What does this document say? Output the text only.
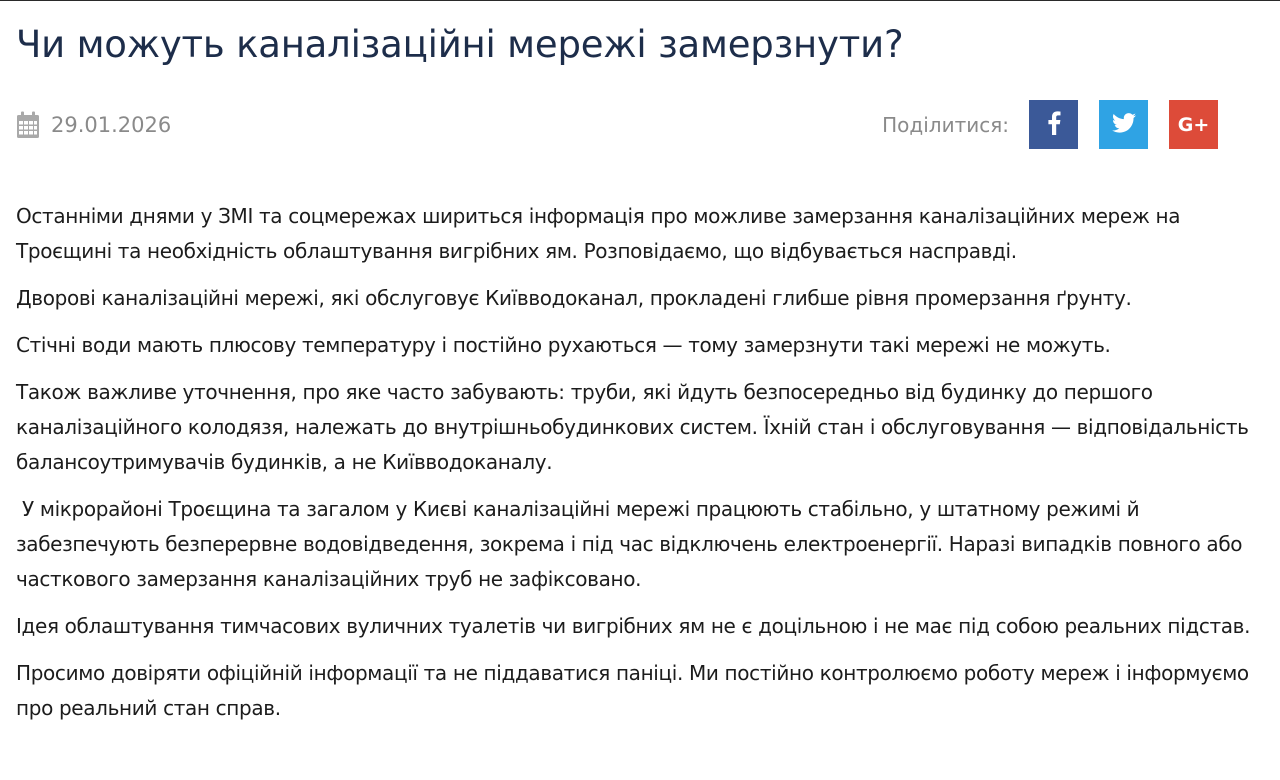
Чи можуть каналізаційні мережі замерзнути?
29.01.2026	Поділитися:	G+

Останніми днями у ЗМІ та соцмережах шириться інформація про можливе замерзання каналізаційних мереж на Троєщині та необхідність облаштування вигрібних ям. Розповідаємо, що відбувається насправді.

Дворові каналізаційні мережі, які обслуговує Київводоканал, прокладені глибше рівня промерзання ґрунту.

Стічні води мають плюсову температуру і постійно рухаються — тому замерзнути такі мережі не можуть.

Також важливе уточнення, про яке часто забувають: труби, які йдуть безпосередньо від будинку до першого каналізаційного колодязя, належать до внутрішньобудинкових систем. Їхній стан і обслуговування — відповідальність балансоутримувачів будинків, а не Київводоканалу.

У мікрорайоні Троєщина та загалом у Києві каналізаційні мережі працюють стабільно, у штатному режимі й забезпечують безперервне водовідведення, зокрема і під час відключень електроенергії. Наразі випадків повного або часткового замерзання каналізаційних труб не зафіксовано.

Ідея облаштування тимчасових вуличних туалетів чи вигрібних ям не є доцільною і не має під собою реальних підстав.

Просимо довіряти офіційній інформації та не піддаватися паніці. Ми постійно контролюємо роботу мереж і інформуємо про реальний стан справ.
